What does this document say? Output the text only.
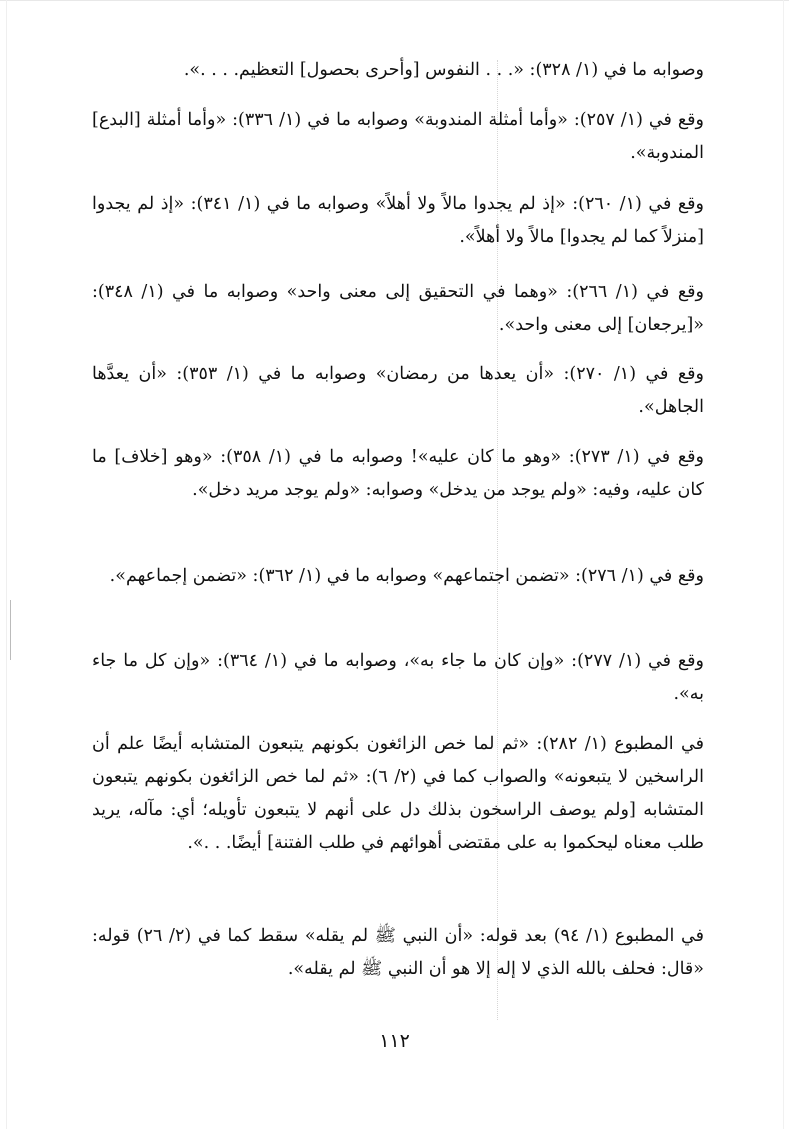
وصوابه ما في (١/ ٣٢٨): «. . . النفوس [وأحرى بحصول] التعظيم. . . .».

وقع في (١/ ٢٥٧): «وأما أمثلة المندوبة» وصوابه ما في (١/ ٣٣٦): «وأما أمثلة [البدع] المندوبة».

وقع في (١/ ٢٦٠): «إذ لم يجدوا مالاً ولا أهلاً» وصوابه ما في (١/ ٣٤١): «إذ لم يجدوا [منزلاً كما لم يجدوا] مالاً ولا أهلاً».

وقع في (١/ ٢٦٦): «وهما في التحقيق إلى معنى واحد» وصوابه ما في (١/ ٣٤٨): «[يرجعان] إلى معنى واحد».

وقع في (١/ ٢٧٠): «أن يعدها من رمضان» وصوابه ما في (١/ ٣٥٣): «أن يعدَّها الجاهل».

وقع في (١/ ٢٧٣): «وهو ما كان عليه»! وصوابه ما في (١/ ٣٥٨): «وهو [خلاف] ما كان عليه، وفيه: «ولم يوجد من يدخل» وصوابه: «ولم يوجد مريد دخل».

وقع في (١/ ٢٧٦): «تضمن اجتماعهم» وصوابه ما في (١/ ٣٦٢): «تضمن إجماعهم».

وقع في (١/ ٢٧٧): «وإن كان ما جاء به»، وصوابه ما في (١/ ٣٦٤): «وإن كل ما جاء به».

في المطبوع (١/ ٢٨٢): «ثم لما خص الزائغون بكونهم يتبعون المتشابه أيضًا علم أن الراسخين لا يتبعونه» والصواب كما في (٢/ ٦): «ثم لما خص الزائغون بكونهم يتبعون المتشابه [ولم يوصف الراسخون بذلك دل على أنهم لا يتبعون تأويله؛ أي: مآله، يريد طلب معناه ليحكموا به على مقتضى أهوائهم في طلب الفتنة] أيضًا. . .».

في المطبوع (١/ ٩٤) بعد قوله: «أن النبي ﷺ لم يقله» سقط كما في (٢/ ٢٦) قوله: «قال: فحلف بالله الذي لا إله إلا هو أن النبي ﷺ لم يقله».

١١٢
